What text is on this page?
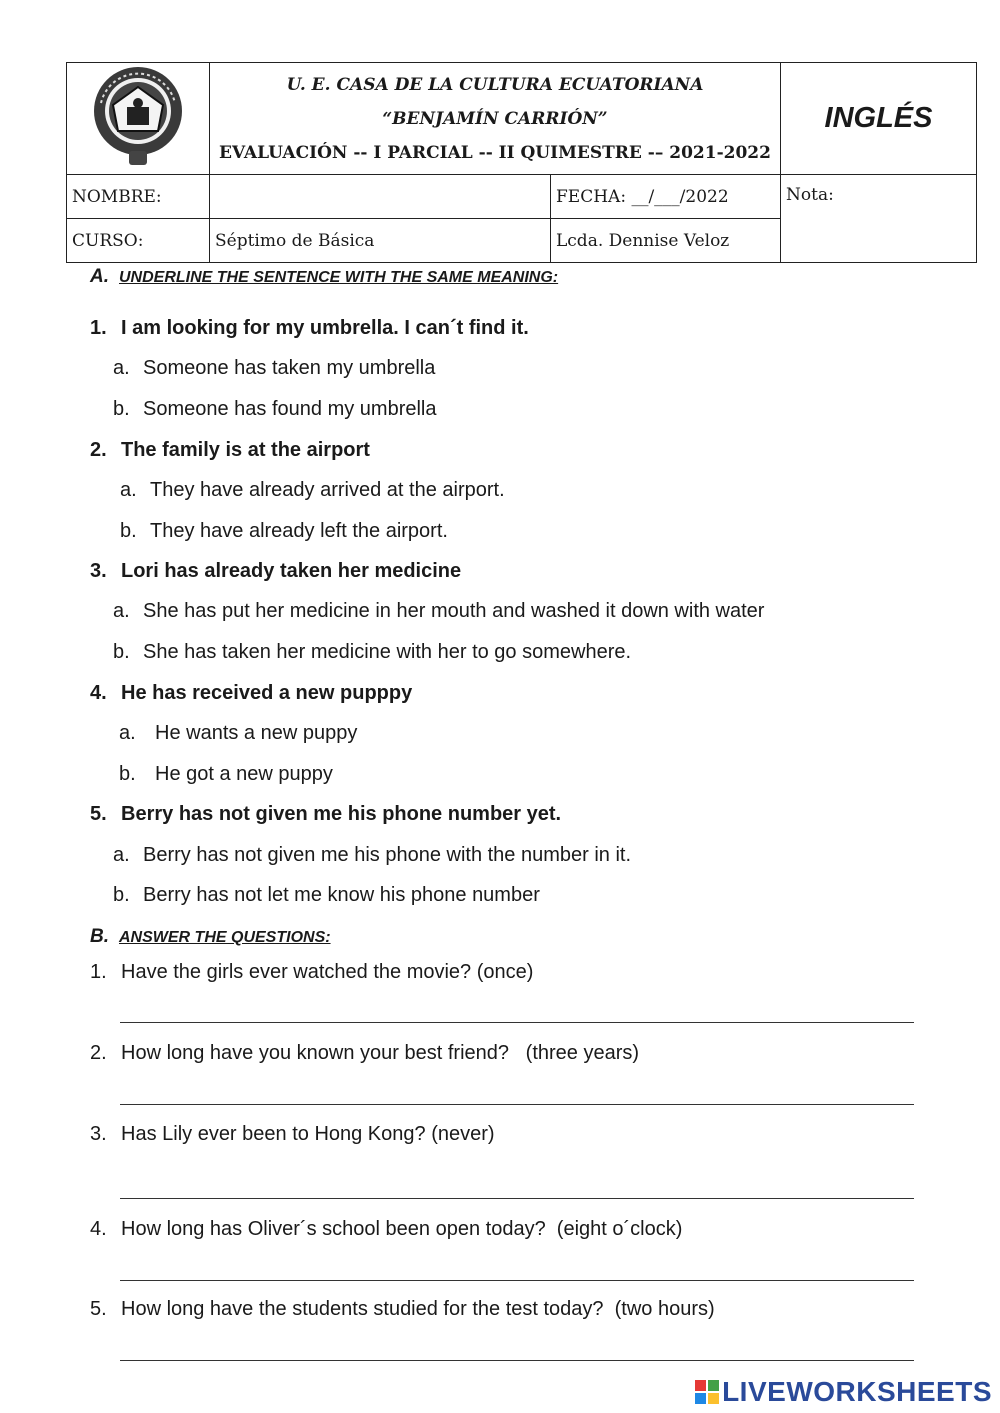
U. E. CASA DE LA CULTURA ECUATORIANA
“BENJAMÍN CARRIÓN”
EVALUACIÓN -- I PARCIAL -- II QUIMESTRE -– 2021-2022		INGLÉS
NOMBRE:		FECHA: __/___/2022	Nota:
CURSO:	Séptimo de Básica	Lcda. Dennise Veloz	
A. UNDERLINE THE SENTENCE WITH THE SAME MEANING:
1. I am looking for my umbrella. I can´t find it.
a. Someone has taken my umbrella
b. Someone has found my umbrella
2. The family is at the airport
a. They have already arrived at the airport.
b. They have already left the airport.
3. Lori has already taken her medicine
a. She has put her medicine in her mouth and washed it down with water
b. She has taken her medicine with her to go somewhere.
4. He has received a new pupppy
a. He wants a new puppy
b. He got a new puppy
5. Berry has not given me his phone number yet.
a. Berry has not given me his phone with the number in it.
b. Berry has not let me know his phone number
B. ANSWER THE QUESTIONS:
1. Have the girls ever watched the movie? (once)
2. How long have you known your best friend?   (three years)
3. Has Lily ever been to Hong Kong? (never)
4. How long has Oliver´s school been open today?  (eight o´clock)
5. How long have the students studied for the test today?  (two hours)
LIVEWORKSHEETS
